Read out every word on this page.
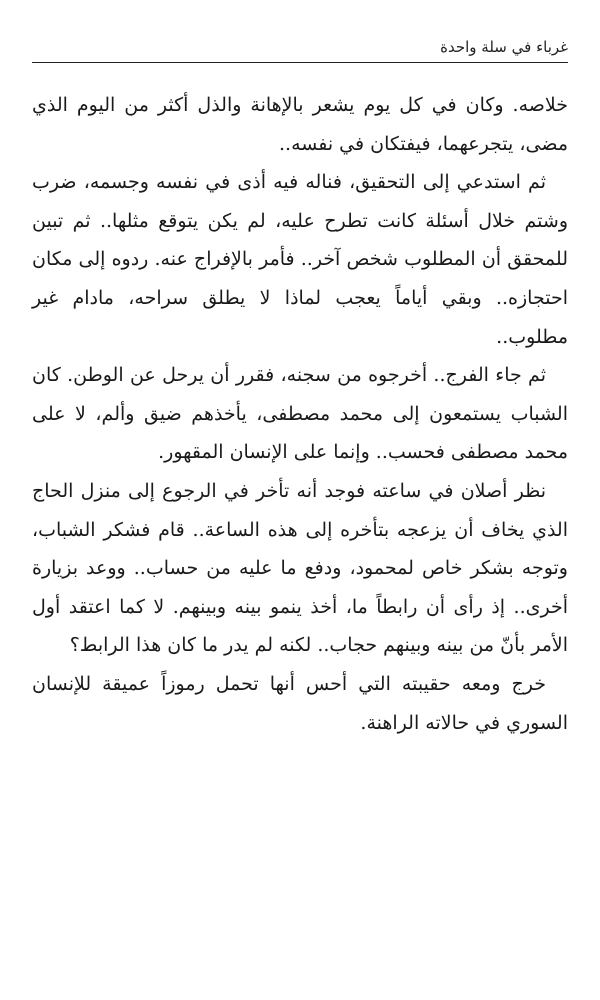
غرباء في سلة واحدة

خلاصه. وكان في كل يوم يشعر بالإهانة والذل أكثر من اليوم الذي مضى، يتجرعهما، فيفتكان في نفسه..

ثم استدعي إلى التحقيق، فناله فيه أذى في نفسه وجسمه، ضرب وشتم خلال أسئلة كانت تطرح عليه، لم يكن يتوقع مثلها.. ثم تبين للمحقق أن المطلوب شخص آخر.. فأمر بالإفراج عنه. ردوه إلى مكان احتجازه.. وبقي أياماً يعجب لماذا لا يطلق سراحه، مادام غير مطلوب..

ثم جاء الفرج.. أخرجوه من سجنه، فقرر أن يرحل عن الوطن. كان الشباب يستمعون إلى محمد مصطفى، يأخذهم ضيق وألم، لا على محمد مصطفى فحسب.. وإنما على الإنسان المقهور.

نظر أصلان في ساعته فوجد أنه تأخر في الرجوع إلى منزل الحاج الذي يخاف أن يزعجه بتأخره إلى هذه الساعة.. قام فشكر الشباب، وتوجه بشكر خاص لمحمود، ودفع ما عليه من حساب.. ووعد بزيارة أخرى.. إذ رأى أن رابطاً ما، أخذ ينمو بينه وبينهم. لا كما اعتقد أول الأمر بأنّ من بينه وبينهم حجاب.. لكنه لم يدر ما كان هذا الرابط؟

خرج ومعه حقيبته التي أحس أنها تحمل رموزاً عميقة للإنسان السوري في حالاته الراهنة.
